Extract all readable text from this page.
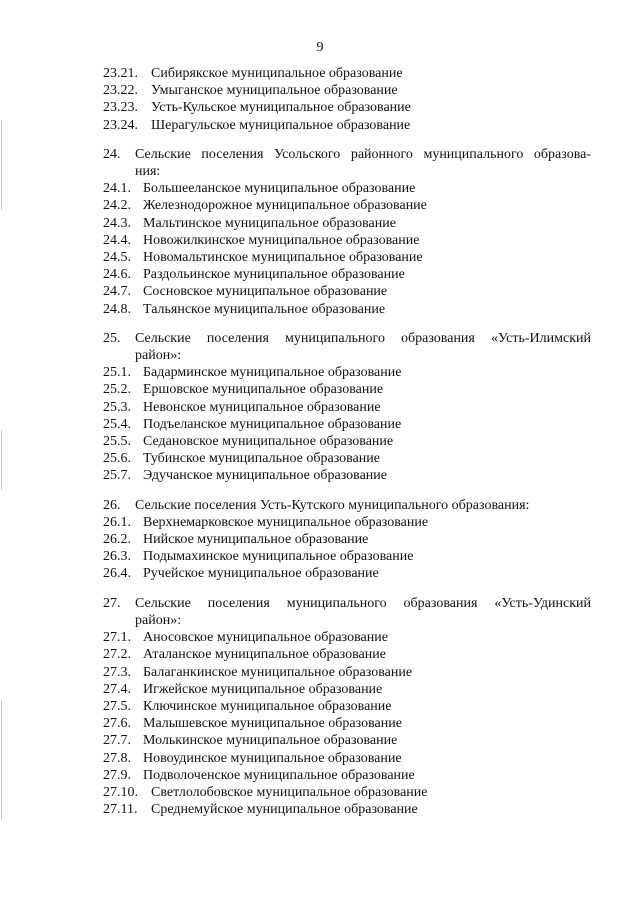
9
23.21. Сибирякское муниципальное образование
23.22. Умыганское муниципальное образование
23.23. Усть-Кульское муниципальное образование
23.24. Шерагульское муниципальное образование
24.	Сельские поселения Усольского районного муниципального образова-
ния:
24.1. Большееланское муниципальное образование
24.2. Железнодорожное муниципальное образование
24.3. Мальтинское муниципальное образование
24.4. Новожилкинское муниципальное образование
24.5. Новомальтинское муниципальное образование
24.6. Раздольинское муниципальное образование
24.7. Сосновское муниципальное образование
24.8. Тальянское муниципальное образование
25.	Сельские поселения муниципального образования «Усть-Илимский
район»:
25.1. Бадарминское муниципальное образование
25.2. Ершовское муниципальное образование
25.3. Невонское муниципальное образование
25.4. Подъеланское муниципальное образование
25.5. Седановское муниципальное образование
25.6. Тубинское муниципальное образование
25.7. Эдучанское муниципальное образование
26.	Сельские поселения Усть-Кутского муниципального образования:
26.1. Верхнемарковское муниципальное образование
26.2. Нийское муниципальное образование
26.3. Подымахинское муниципальное образование
26.4. Ручейское муниципальное образование
27.	Сельские поселения муниципального образования «Усть-Удинский
район»:
27.1. Аносовское муниципальное образование
27.2. Аталанское муниципальное образование
27.3. Балаганкинское муниципальное образование
27.4. Игжейское муниципальное образование
27.5. Ключинское муниципальное образование
27.6. Малышевское муниципальное образование
27.7. Молькинское муниципальное образование
27.8. Новоудинское муниципальное образование
27.9. Подволоченское муниципальное образование
27.10. Светлолобовское муниципальное образование
27.11. Среднемуйское муниципальное образование
